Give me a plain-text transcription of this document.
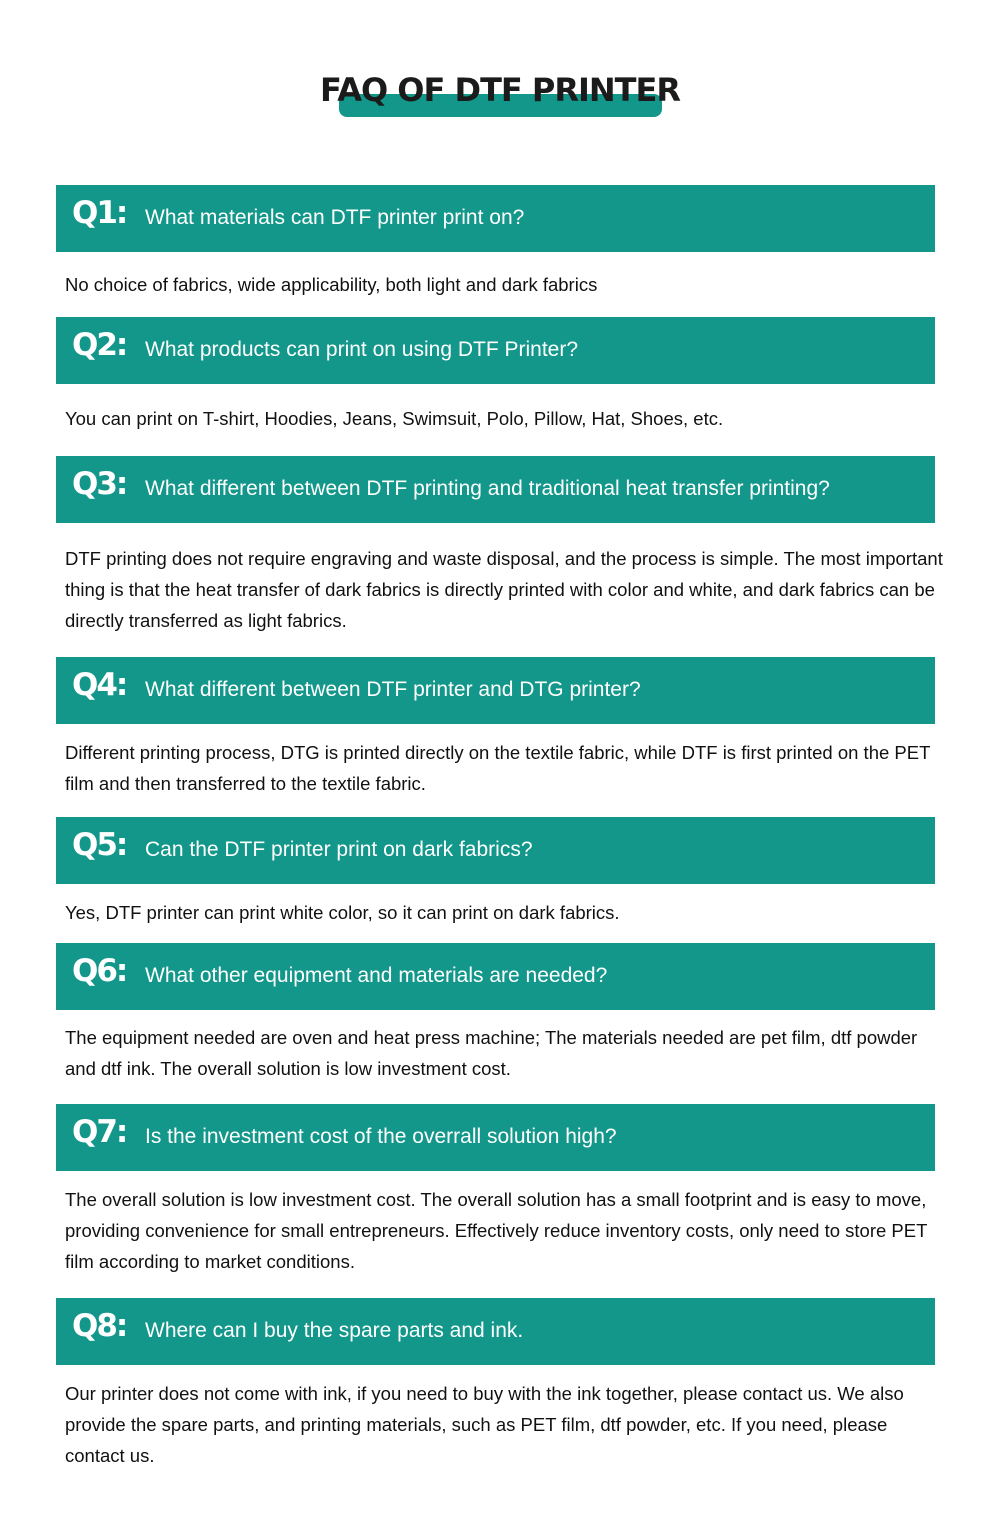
FAQ OF DTF PRINTER
Q1: What materials can DTF printer print on?

No choice of fabrics, wide applicability, both light and dark fabrics

Q2: What products can print on using DTF Printer?

You can print on T-shirt, Hoodies, Jeans, Swimsuit, Polo, Pillow, Hat, Shoes, etc.

Q3: What different between DTF printing and traditional heat transfer printing?

DTF printing does not require engraving and waste disposal, and the process is simple. The most important thing is that the heat transfer of dark fabrics is directly printed with color and white, and dark fabrics can be directly transferred as light fabrics.

Q4: What different between DTF printer and DTG printer?

Different printing process, DTG is printed directly on the textile fabric, while DTF is first printed on the PET film and then transferred to the textile fabric.

Q5: Can the DTF printer print on dark fabrics?

Yes, DTF printer can print white color, so it can print on dark fabrics.

Q6: What other equipment and materials are needed?

The equipment needed are oven and heat press machine; The materials needed are pet film, dtf powder and dtf ink. The overall solution is low investment cost.

Q7: Is the investment cost of the overrall solution high?

The overall solution is low investment cost. The overall solution has a small footprint and is easy to move, providing convenience for small entrepreneurs. Effectively reduce inventory costs, only need to store PET film according to market conditions.

Q8: Where can I buy the spare parts and ink.

Our printer does not come with ink, if you need to buy with the ink together, please contact us. We also provide the spare parts, and printing materials, such as PET film, dtf powder, etc. If you need, please contact us.
